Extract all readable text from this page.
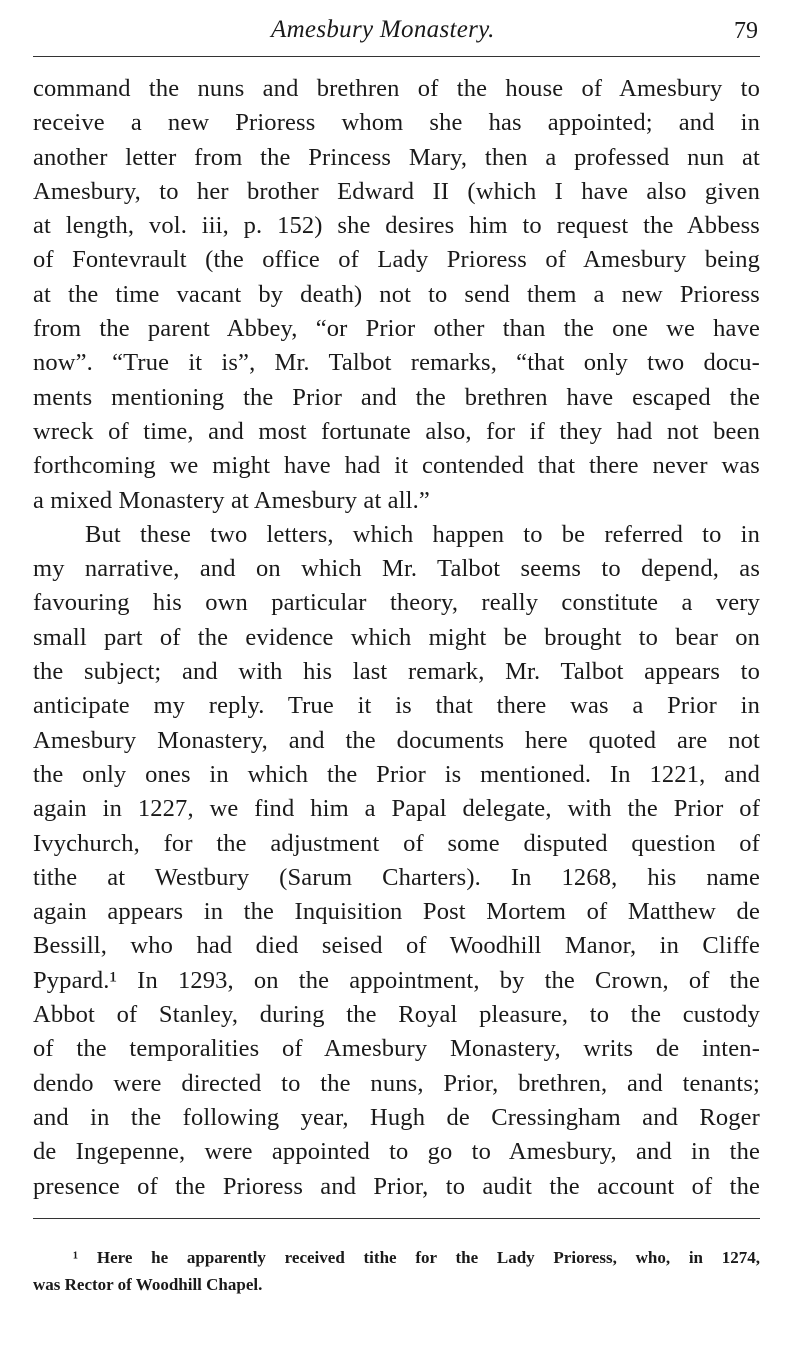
Amesbury Monastery.	79
command the nuns and brethren of the house of Amesbury to
receive a new Prioress whom she has appointed; and in
another letter from the Princess Mary, then a professed nun at
Amesbury, to her brother Edward II (which I have also given
at length, vol. iii, p. 152) she desires him to request the Abbess
of Fontevrault (the office of Lady Prioress of Amesbury being
at the time vacant by death) not to send them a new Prioress
from the parent Abbey, “or Prior other than the one we have
now”. “True it is”, Mr. Talbot remarks, “that only two docu-
ments mentioning the Prior and the brethren have escaped the
wreck of time, and most fortunate also, for if they had not been
forthcoming we might have had it contended that there never was
a mixed Monastery at Amesbury at all.”
But these two letters, which happen to be referred to in
my narrative, and on which Mr. Talbot seems to depend, as
favouring his own particular theory, really constitute a very
small part of the evidence which might be brought to bear on
the subject; and with his last remark, Mr. Talbot appears to
anticipate my reply. True it is that there was a Prior in
Amesbury Monastery, and the documents here quoted are not
the only ones in which the Prior is mentioned. In 1221, and
again in 1227, we find him a Papal delegate, with the Prior of
Ivychurch, for the adjustment of some disputed question of
tithe at Westbury (Sarum Charters). In 1268, his name
again appears in the Inquisition Post Mortem of Matthew de
Bessill, who had died seised of Woodhill Manor, in Cliffe
Pypard.¹ In 1293, on the appointment, by the Crown, of the
Abbot of Stanley, during the Royal pleasure, to the custody
of the temporalities of Amesbury Monastery, writs de inten-
dendo were directed to the nuns, Prior, brethren, and tenants;
and in the following year, Hugh de Cressingham and Roger
de Ingepenne, were appointed to go to Amesbury, and in the
presence of the Prioress and Prior, to audit the account of the
¹ Here he apparently received tithe for the Lady Prioress, who, in 1274,
was Rector of Woodhill Chapel.
